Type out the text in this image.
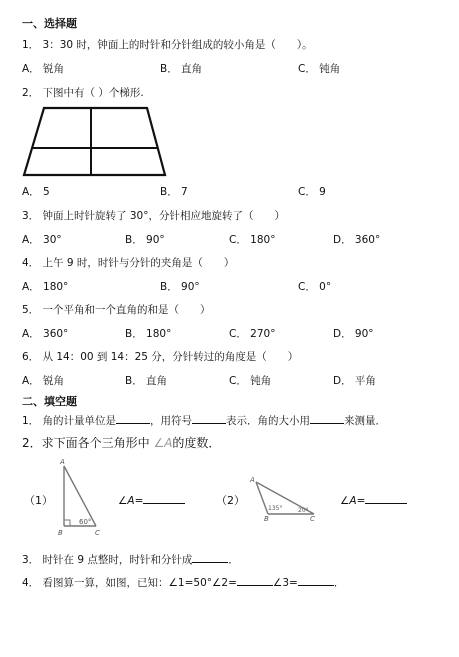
一、选择题
1． 3：30 时，钟面上的时针和分针组成的较小角是（　　）。
A． 锐角	B． 直角	C． 钝角
2． 下图中有（ ）个梯形.
A． 5	B． 7	C． 9
3． 钟面上时针旋转了 30°，分针相应地旋转了（　　）
A． 30°	B． 90°	C． 180°	D． 360°
4． 上午 9 时，时针与分针的夹角是（　　）
A． 180°	B． 90°	C． 0°
5． 一个平角和一个直角的和是（　　）
A． 360°	B． 180°	C． 270°	D． 90°
6． 从 14：00 到 14：25 分，分针转过的角度是（　　）
A． 锐角	B． 直角	C． 钝角	D． 平角
二、填空题
1． 角的计量单位是	，用符号	表示．角的大小用	来测量．
2．求下面各个三角形中 ∠A的度数．
（1）
A
B	C
60°
∠A=	（2）
A
B	C
135°	20°
∠A=
3． 时针在 9 点整时，时针和分针成	．
4． 看图算一算，如图，已知：∠1=50°∠2=	∠3=	．
